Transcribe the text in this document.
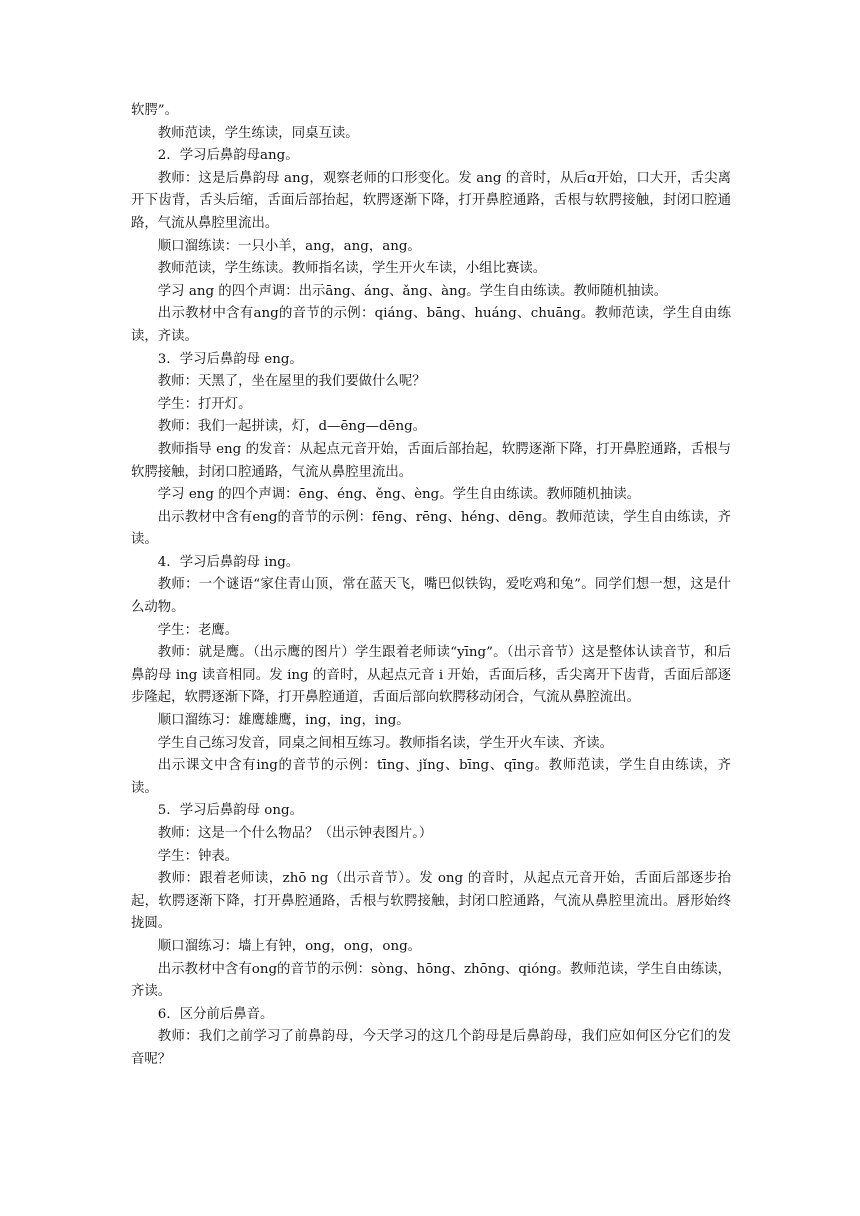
软腭”。

教师范读，学生练读，同桌互读。

2．学习后鼻韵母ang。

教师：这是后鼻韵母 ang，观察老师的口形变化。发 ang 的音时，从后ɑ开始，口大开，舌尖离开下齿背，舌头后缩，舌面后部抬起，软腭逐渐下降，打开鼻腔通路，舌根与软腭接触，封闭口腔通路，气流从鼻腔里流出。

顺口溜练读：一只小羊，ang，ang，ang。

教师范读，学生练读。教师指名读，学生开火车读，小组比赛读。

学习 ang 的四个声调：出示āng、áng、ǎng、àng。学生自由练读。教师随机抽读。

出示教材中含有ang的音节的示例：qiáng、bāng、huáng、chuāng。教师范读，学生自由练读，齐读。

3．学习后鼻韵母 eng。

教师：天黑了，坐在屋里的我们要做什么呢？

学生：打开灯。

教师：我们一起拼读，灯，d—ēng—dēng。

教师指导 eng 的发音：从起点元音开始，舌面后部抬起，软腭逐渐下降，打开鼻腔通路，舌根与软腭接触，封闭口腔通路，气流从鼻腔里流出。

学习 eng 的四个声调：ēng、éng、ěng、èng。学生自由练读。教师随机抽读。

出示教材中含有eng的音节的示例：fēng、rēng、héng、dēng。教师范读，学生自由练读，齐读。

4．学习后鼻韵母 ing。

教师：一个谜语“家住青山顶，常在蓝天飞，嘴巴似铁钩，爱吃鸡和兔”。同学们想一想，这是什么动物。

学生：老鹰。

教师：就是鹰。（出示鹰的图片）学生跟着老师读“yīng”。（出示音节）这是整体认读音节，和后鼻韵母 ing 读音相同。发 ing 的音时，从起点元音 i 开始，舌面后移，舌尖离开下齿背，舌面后部逐步隆起，软腭逐渐下降，打开鼻腔通道，舌面后部向软腭移动闭合，气流从鼻腔流出。

顺口溜练习：雄鹰雄鹰，ing，ing，ing。

学生自己练习发音，同桌之间相互练习。教师指名读，学生开火车读、齐读。

出示课文中含有ing的音节的示例：tīng、jǐng、bīng、qīng。教师范读，学生自由练读，齐读。

5．学习后鼻韵母 ong。

教师：这是一个什么物品？（出示钟表图片。）

学生：钟表。

教师：跟着老师读，zhō ng（出示音节）。发 ong 的音时，从起点元音开始，舌面后部逐步抬起，软腭逐渐下降，打开鼻腔通路，舌根与软腭接触，封闭口腔通路，气流从鼻腔里流出。唇形始终拢圆。

顺口溜练习：墙上有钟，ong，ong，ong。

出示教材中含有ong的音节的示例：sòng、hōng、zhōng、qióng。教师范读，学生自由练读，齐读。

6．区分前后鼻音。

教师：我们之前学习了前鼻韵母，今天学习的这几个韵母是后鼻韵母，我们应如何区分它们的发音呢？
